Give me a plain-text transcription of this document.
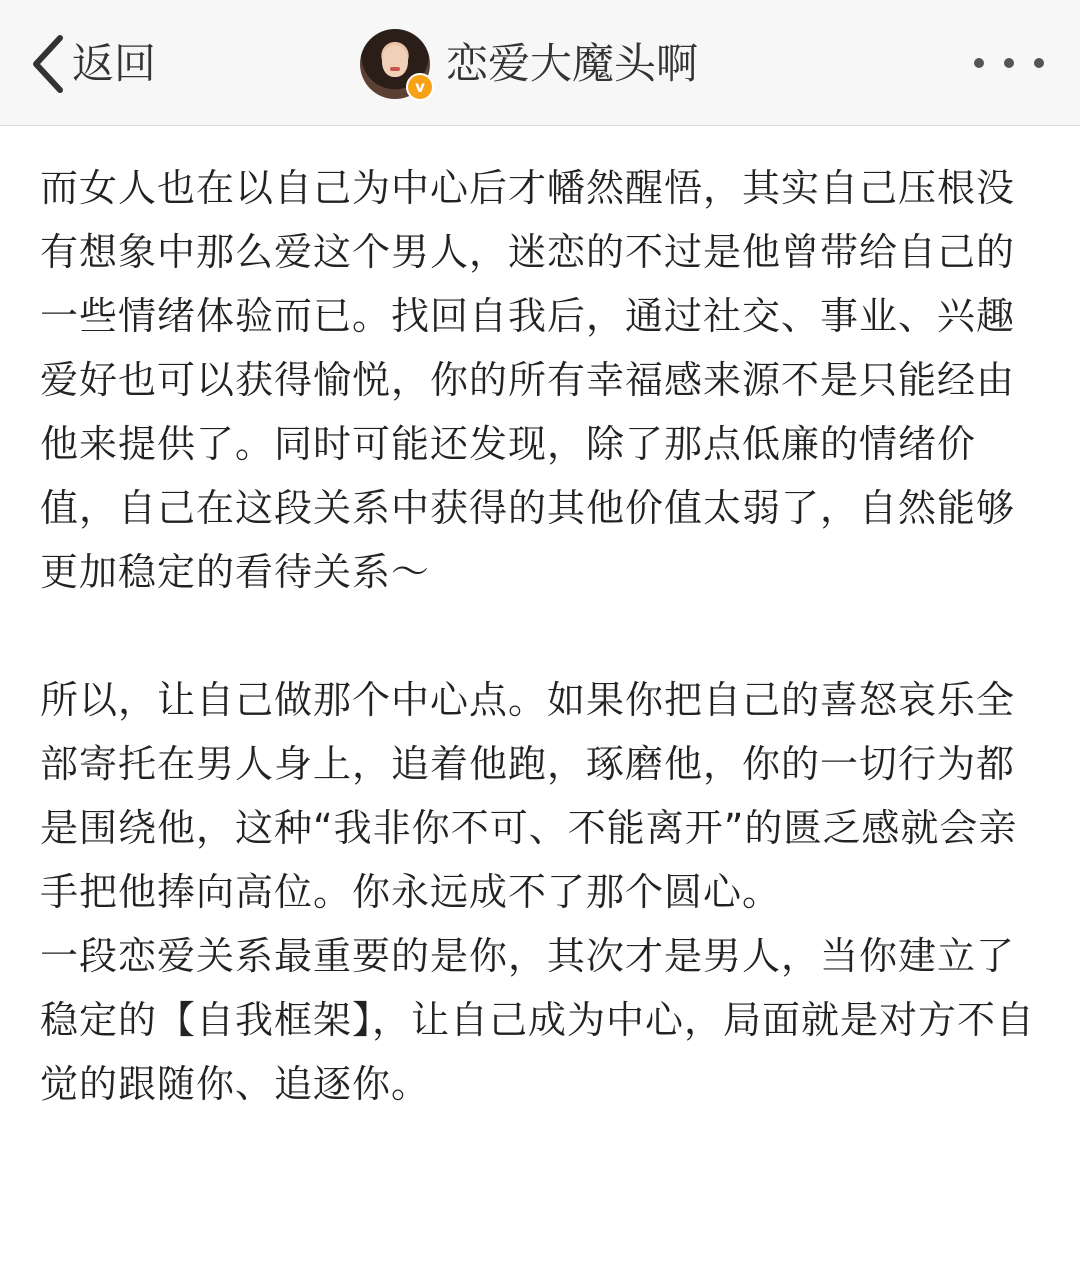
返回	v 恋爱大魔头啊

而女人也在以自己为中心后才幡然醒悟，其实自己压根没有想象中那么爱这个男人，迷恋的不过是他曾带给自己的一些情绪体验而已。找回自我后，通过社交、事业、兴趣爱好也可以获得愉悦，你的所有幸福感来源不是只能经由他来提供了。同时可能还发现，除了那点低廉的情绪价值，自己在这段关系中获得的其他价值太弱了，自然能够更加稳定的看待关系～

所以，让自己做那个中心点。如果你把自己的喜怒哀乐全部寄托在男人身上，追着他跑，琢磨他，你的一切行为都是围绕他，这种“我非你不可、不能离开”的匮乏感就会亲手把他捧向高位。你永远成不了那个圆心。

一段恋爱关系最重要的是你，其次才是男人，当你建立了稳定的【自我框架】，让自己成为中心，局面就是对方不自觉的跟随你、追逐你。
